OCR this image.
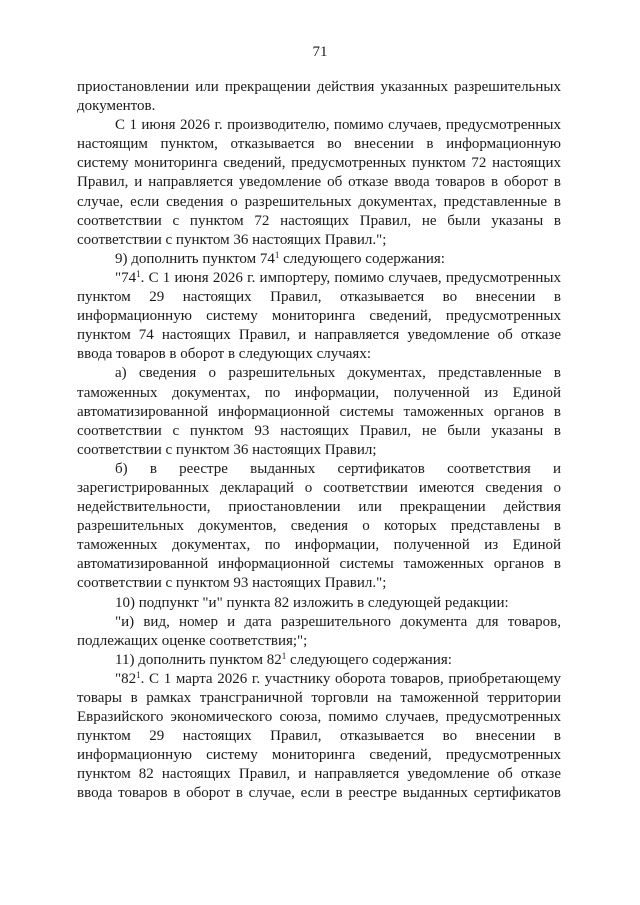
71

приостановлении или прекращении действия указанных разрешительных документов.

С 1 июня 2026 г. производителю, помимо случаев, предусмотренных настоящим пунктом, отказывается во внесении в информационную систему мониторинга сведений, предусмотренных пунктом 72 настоящих Правил, и направляется уведомление об отказе ввода товаров в оборот в случае, если сведения о разрешительных документах, представленные в соответствии с пунктом 72 настоящих Правил, не были указаны в соответствии с пунктом 36 настоящих Правил.";

9) дополнить пунктом $74^1$ следующего содержания:

"$74^1$. С 1 июня 2026 г. импортеру, помимо случаев, предусмотренных пунктом 29 настоящих Правил, отказывается во внесении в информационную систему мониторинга сведений, предусмотренных пунктом 74 настоящих Правил, и направляется уведомление об отказе ввода товаров в оборот в следующих случаях:

а) сведения о разрешительных документах, представленные в таможенных документах, по информации, полученной из Единой автоматизированной информационной системы таможенных органов в соответствии с пунктом 93 настоящих Правил, не были указаны в соответствии с пунктом 36 настоящих Правил;

б) в реестре выданных сертификатов соответствия и зарегистрированных деклараций о соответствии имеются сведения о недействительности, приостановлении или прекращении действия разрешительных документов, сведения о которых представлены в таможенных документах, по информации, полученной из Единой автоматизированной информационной системы таможенных органов в соответствии с пунктом 93 настоящих Правил.";

10) подпункт "и" пункта 82 изложить в следующей редакции:

"и) вид, номер и дата разрешительного документа для товаров, подлежащих оценке соответствия;";

11) дополнить пунктом $82^1$ следующего содержания:

"$82^1$. С 1 марта 2026 г. участнику оборота товаров, приобретающему товары в рамках трансграничной торговли на таможенной территории Евразийского экономического союза, помимо случаев, предусмотренных пунктом 29 настоящих Правил, отказывается во внесении в информационную систему мониторинга сведений, предусмотренных пунктом 82 настоящих Правил, и направляется уведомление об отказе ввода товаров в оборот в случае, если в реестре выданных сертификатов
